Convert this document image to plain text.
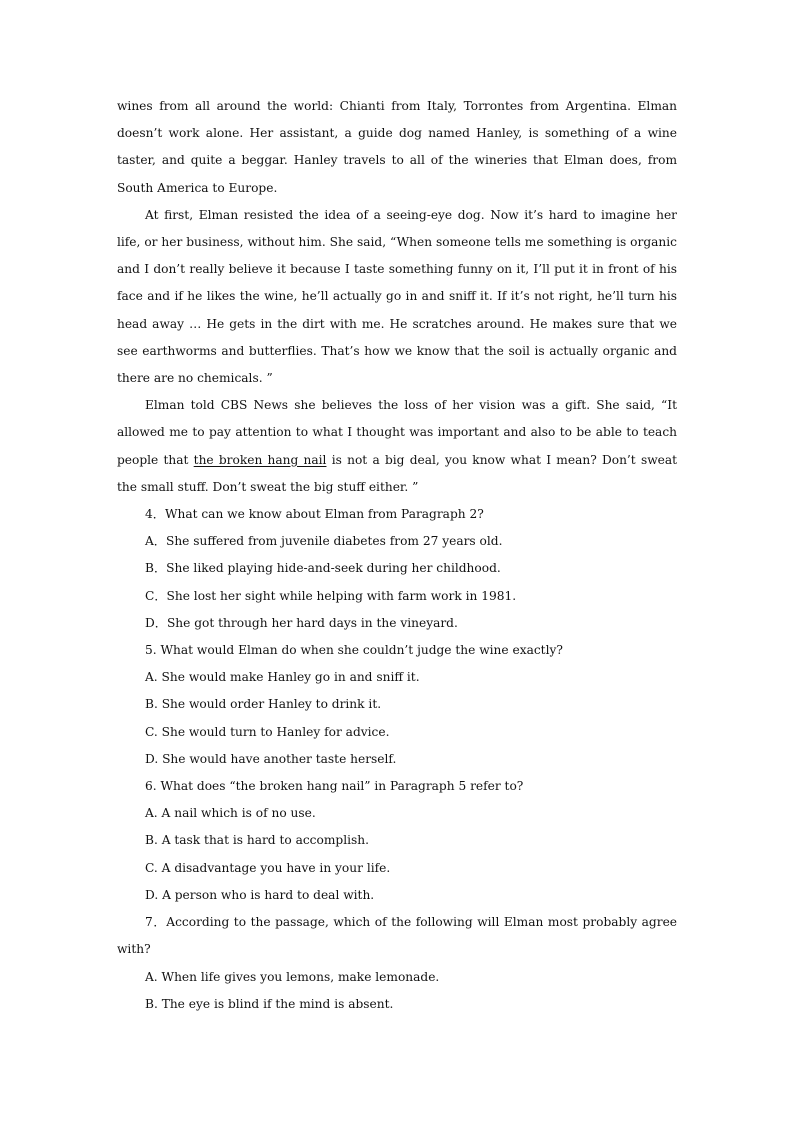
wines from all around the world: Chianti from Italy, Torrontes from Argentina. Elman doesn’t work alone. Her assistant, a guide dog named Hanley, is something of a wine taster, and quite a beggar. Hanley travels to all of the wineries that Elman does, from South America to Europe.

At first, Elman resisted the idea of a seeing-eye dog. Now it’s hard to imagine her life, or her business, without him. She said, “When someone tells me something is organic and I don’t really believe it because I taste something funny on it, I’ll put it in front of his face and if he likes the wine, he’ll actually go in and sniff it. If it’s not right, he’ll turn his head away … He gets in the dirt with me. He scratches around. He makes sure that we see earthworms and butterflies. That’s how we know that the soil is actually organic and there are no chemicals. ”

Elman told CBS News she believes the loss of her vision was a gift. She said, “It allowed me to pay attention to what I thought was important and also to be able to teach people that the broken hang nail is not a big deal, you know what I mean? Don’t sweat the small stuff. Don’t sweat the big stuff either. ”

4．What can we know about Elman from Paragraph 2?

A．She suffered from juvenile diabetes from 27 years old.

B．She liked playing hide-and-seek during her childhood.

C．She lost her sight while helping with farm work in 1981.

D．She got through her hard days in the vineyard.

5. What would Elman do when she couldn’t judge the wine exactly?

A. She would make Hanley go in and sniff it.

B. She would order Hanley to drink it.

C. She would turn to Hanley for advice.

D. She would have another taste herself.

6. What does “the broken hang nail” in Paragraph 5 refer to?

A. A nail which is of no use.

B. A task that is hard to accomplish.

C. A disadvantage you have in your life.

D. A person who is hard to deal with.

7．According to the passage, which of the following will Elman most probably agree with?

A. When life gives you lemons, make lemonade.

B. The eye is blind if the mind is absent.
